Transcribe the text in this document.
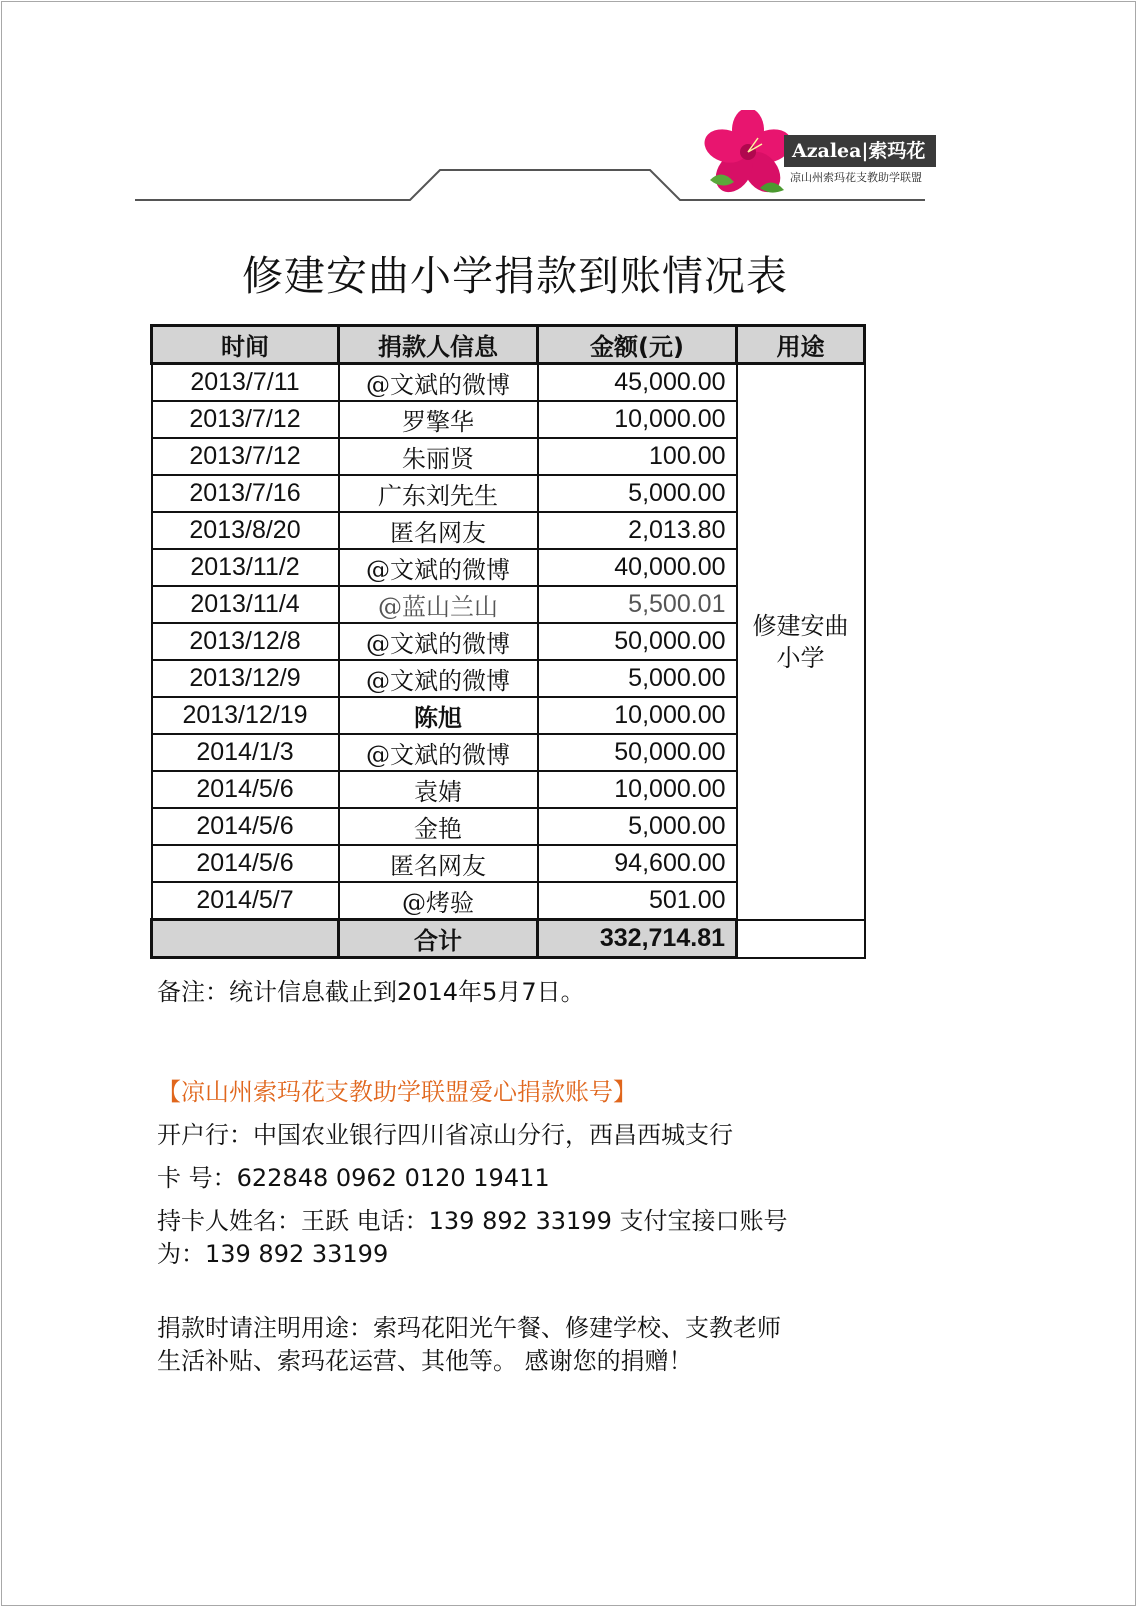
Azalea|索玛花
凉山州索玛花支教助学联盟
修建安曲小学捐款到账情况表
时间	捐款人信息	金额(元)	用途
2013/7/11	@文斌的微博	45,000.00	修建安曲小学
2013/7/12	罗擎华	10,000.00	
2013/7/12	朱丽贤	100.00	
2013/7/16	广东刘先生	5,000.00	
2013/8/20	匿名网友	2,013.80	
2013/11/2	@文斌的微博	40,000.00	
2013/11/4	@蓝山兰山	5,500.01	
2013/12/8	@文斌的微博	50,000.00	
2013/12/9	@文斌的微博	5,000.00	
2013/12/19	陈旭	10,000.00	
2014/1/3	@文斌的微博	50,000.00	
2014/5/6	袁婧	10,000.00	
2014/5/6	金艳	5,000.00	
2014/5/6	匿名网友	94,600.00	
2014/5/7	@烤验	501.00	
	合计	332,714.81	
备注：统计信息截止到2014年5月7日。
【凉山州索玛花支教助学联盟爱心捐款账号】
开户行：中国农业银行四川省凉山分行，西昌西城支行
卡 号：622848 0962 0120 19411
持卡人姓名：王跃 电话：139 892 33199 支付宝接口账号
为：139 892 33199
捐款时请注明用途：索玛花阳光午餐、修建学校、支教老师
生活补贴、索玛花运营、其他等。 感谢您的捐赠！
